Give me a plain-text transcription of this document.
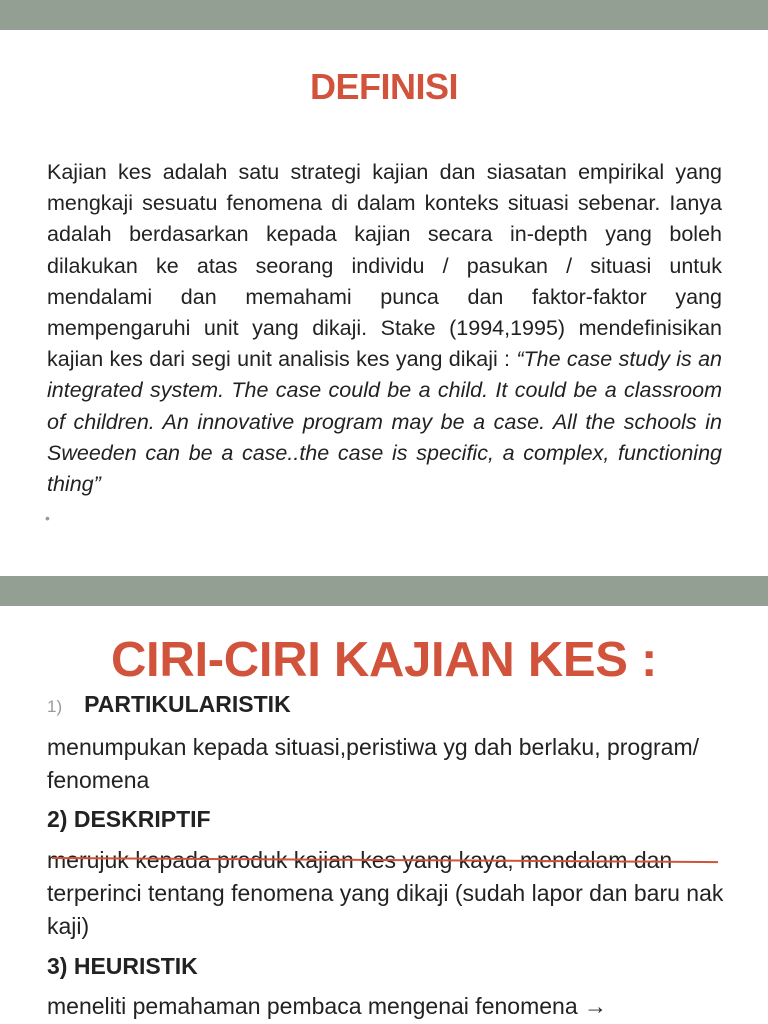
DEFINISI
Kajian kes adalah satu strategi kajian dan siasatan empirikal yang mengkaji sesuatu fenomena di dalam konteks situasi sebenar. Ianya adalah berdasarkan kepada kajian secara in-depth yang boleh dilakukan ke atas seorang individu / pasukan / situasi untuk mendalami dan memahami punca dan faktor-faktor yang mempengaruhi unit yang dikaji. Stake (1994,1995) mendefinisikan kajian kes dari segi unit analisis kes yang dikaji : “The case study is an integrated system. The case could be a child. It could be a classroom of children. An innovative program may be a case. All the schools in Sweeden can be a case..the case is specific, a complex, functioning thing”
•
CIRI-CIRI KAJIAN KES :
1) PARTIKULARISTIK
menumpukan kepada situasi,peristiwa yg dah berlaku, program/ fenomena
2) DESKRIPTIF
merujuk kepada produk kajian kes yang kaya, mendalam dan terperinci tentang fenomena yang dikaji (sudah lapor dan baru nak kaji)
3) HEURISTIK
meneliti pemahaman pembaca mengenai fenomena →
